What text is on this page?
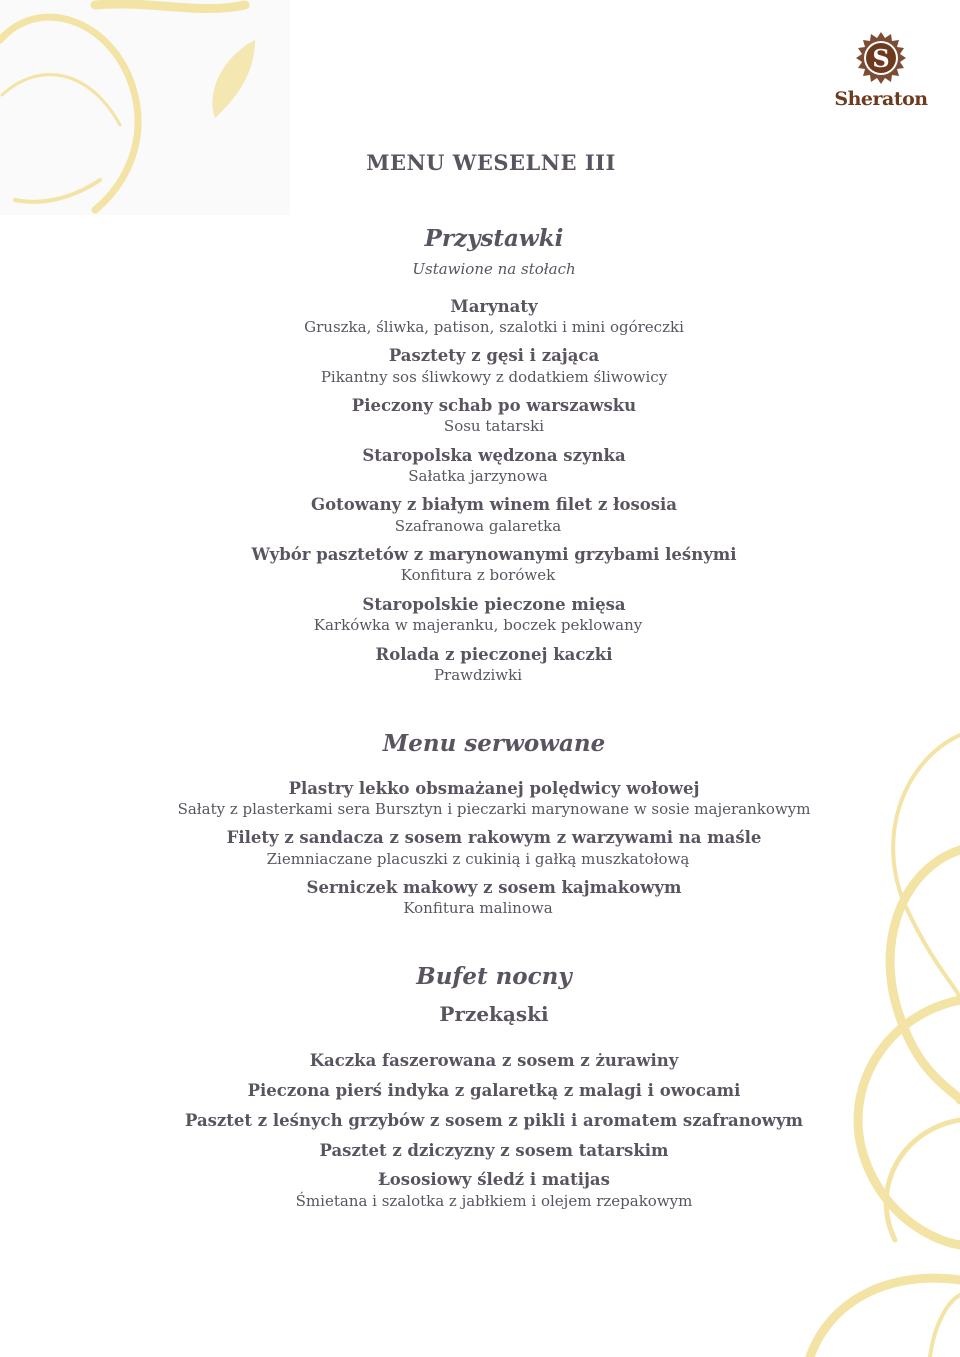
S
Sheraton
MENU WESELNE III
Przystawki
Ustawione na stołach
Marynaty
Gruszka, śliwka, patison, szalotki i mini ogóreczki
Pasztety z gęsi i zająca
Pikantny sos śliwkowy z dodatkiem śliwowicy
Pieczony schab po warszawsku
Sosu tatarski
Staropolska wędzona szynka
Sałatka jarzynowa
Gotowany z białym winem filet z łososia
Szafranowa galaretka
Wybór pasztetów z marynowanymi grzybami leśnymi
Konfitura z borówek
Staropolskie pieczone mięsa
Karkówka w majeranku, boczek peklowany
Rolada z pieczonej kaczki
Prawdziwki
Menu serwowane
Plastry lekko obsmażanej polędwicy wołowej
Sałaty z plasterkami sera Bursztyn i pieczarki marynowane w sosie majerankowym
Filety z sandacza z sosem rakowym z warzywami na maśle
Ziemniaczane placuszki z cukinią i gałką muszkatołową
Serniczek makowy z sosem kajmakowym
Konfitura malinowa
Bufet nocny
Przekąski
Kaczka faszerowana z sosem z żurawiny
Pieczona pierś indyka z galaretką z malagi i owocami
Pasztet z leśnych grzybów z sosem z pikli i aromatem szafranowym
Pasztet z dziczyzny z sosem tatarskim
Łososiowy śledź i matijas
Śmietana i szalotka z jabłkiem i olejem rzepakowym
